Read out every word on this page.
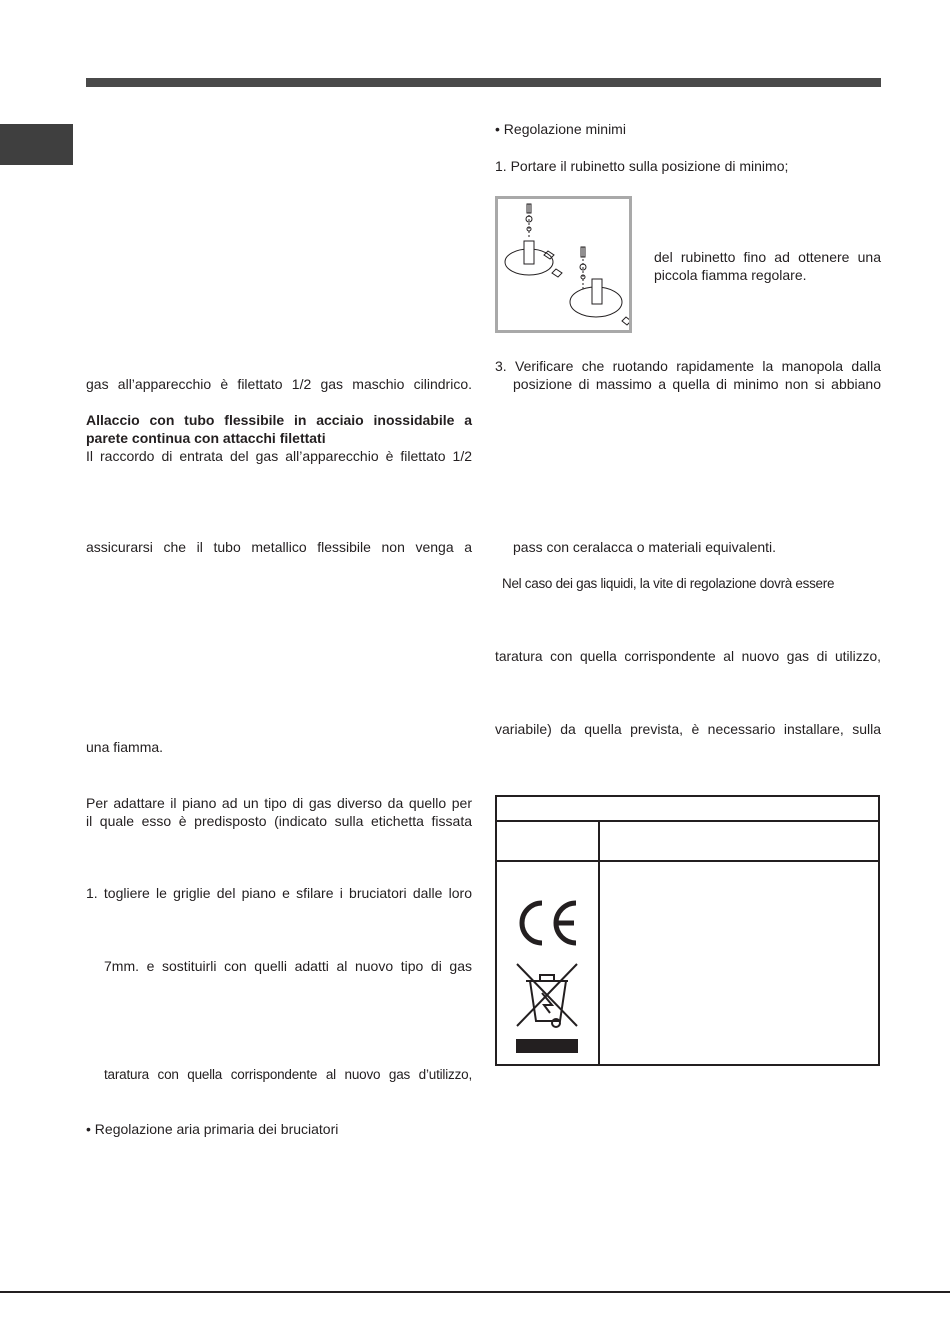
gas all’apparecchio è filettato 1/2 gas maschio cilindrico.

Allaccio con tubo flessibile in acciaio inossidabile a

parete continua con attacchi filettati

Il raccordo di entrata del gas all’apparecchio è filettato 1/2

assicurarsi che il tubo metallico flessibile non venga a

una fiamma.

Per adattare il piano ad un tipo di gas diverso da quello per

il quale esso è predisposto (indicato sulla etichetta fissata

1. togliere le griglie del piano e sfilare i bruciatori dalle loro

7mm. e sostituirli con quelli adatti al nuovo tipo di gas

taratura con quella corrispondente al nuovo gas d’utilizzo,

• Regolazione aria primaria dei bruciatori

• Regolazione minimi

1. Portare il rubinetto sulla posizione di minimo;

del rubinetto fino ad ottenere una

piccola fiamma regolare.

3. Verificare che ruotando rapidamente la manopola dalla

posizione di massimo a quella di minimo non si abbiano

pass con ceralacca o materiali equivalenti.

Nel caso dei gas liquidi, la vite di regolazione dovrà essere

taratura con quella corrispondente al nuovo gas di utilizzo,

variabile) da quella prevista, è necessario installare, sulla
